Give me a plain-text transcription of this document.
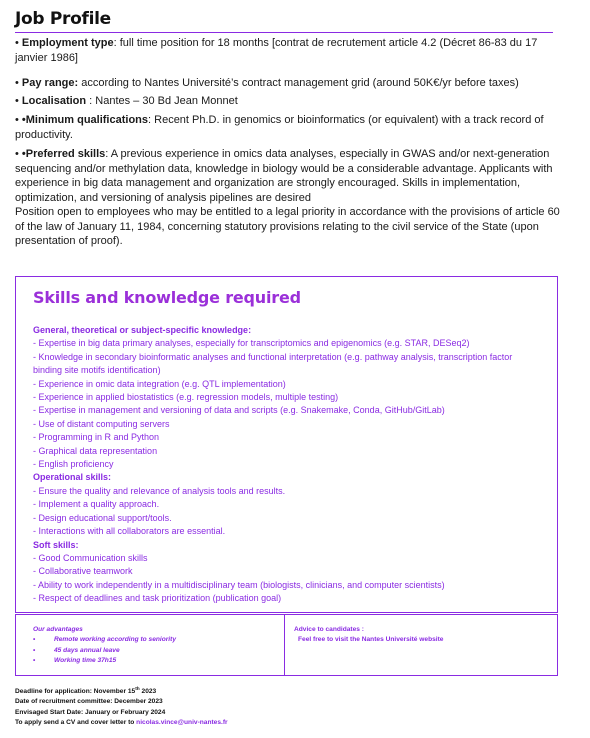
Job Profile

• Employment type: full time position for 18 months [contrat de recrutement article 4.2 (Décret 86-83 du 17 janvier 1986]

• Pay range: according to Nantes Université’s contract management grid (around 50K€/yr before taxes)

• Localisation : Nantes – 30 Bd Jean Monnet

• •Minimum qualifications: Recent Ph.D. in genomics or bioinformatics (or equivalent) with a track record of productivity.

• •Preferred skills: A previous experience in omics data analyses, especially in GWAS and/or next-generation sequencing and/or methylation data, knowledge in biology would be a considerable advantage. Applicants with experience in big data management and organization are strongly encouraged. Skills in implementation, optimization, and versioning of analysis pipelines are desired

Position open to employees who may be entitled to a legal priority in accordance with the provisions of article 60 of the law of January 11, 1984, concerning statutory provisions relating to the civil service of the State (upon presentation of proof).

Skills and knowledge required
General, theoretical or subject-specific knowledge:
- Expertise in big data primary analyses, especially for transcriptomics and epigenomics (e.g. STAR, DESeq2)
- Knowledge in secondary bioinformatic analyses and functional interpretation (e.g. pathway analysis, transcription factor binding site motifs identification)
- Experience in omic data integration (e.g. QTL implementation)
- Experience in applied biostatistics (e.g. regression models, multiple testing)
- Expertise in management and versioning of data and scripts (e.g. Snakemake, Conda, GitHub/GitLab)
- Use of distant computing servers
- Programming in R and Python
- Graphical data representation
- English proficiency
Operational skills:
- Ensure the quality and relevance of analysis tools and results.
- Implement a quality approach.
- Design educational support/tools.
- Interactions with all collaborators are essential.
Soft skills:
- Good Communication skills
- Collaborative teamwork
- Ability to work independently in a multidisciplinary team (biologists, clinicians, and computer scientists)
- Respect of deadlines and task prioritization (publication goal)
Our advantages
• Remote working according to seniority
• 45 days annual leave
• Working time 37h15
Advice to candidates :
Feel free to visit the Nantes Université website
Deadline for application: November 15th 2023
Date of recruitment committee: December 2023
Envisaged Start Date: January or February 2024
To apply send a CV and cover letter to nicolas.vince@univ-nantes.fr
